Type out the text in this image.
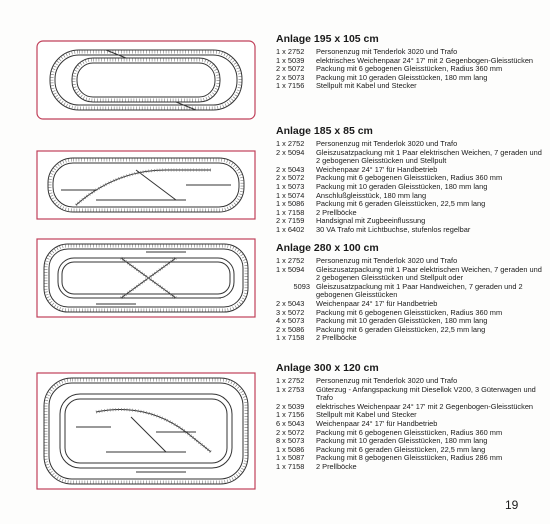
Anlage 195 x 105 cm
1 x 2752	Personenzug mit Tenderlok 3020 und Trafo
1 x 5039	elektrisches Weichenpaar 24° 17' mit 2 Gegenbogen-Gleisstücken
2 x 5072	Packung mit 6 gebogenen Gleisstücken, Radius 360 mm
2 x 5073	Packung mit 10 geraden Gleisstücken, 180 mm lang
1 x 7156	Stellpult mit Kabel und Stecker
Anlage 185 x 85 cm
1 x 2752	Personenzug mit Tenderlok 3020 und Trafo
2 x 5094	Gleiszusatzpackung mit 1 Paar elektrischen Weichen, 7 geraden und 2 gebogenen Gleisstücken und Stellpult
2 x 5043	Weichenpaar 24° 17' für Handbetrieb
2 x 5072	Packung mit 6 gebogenen Gleisstücken, Radius 360 mm
1 x 5073	Packung mit 10 geraden Gleisstücken, 180 mm lang
1 x 5074	Anschlußgleisstück, 180 mm lang
1 x 5086	Packung mit 6 geraden Gleisstücken, 22,5 mm lang
1 x 7158	2 Prellböcke
2 x 7159	Handsignal mit Zugbeeinflussung
1 x 6402	30 VA Trafo mit Lichtbuchse, stufenlos regelbar
Anlage 280 x 100 cm
1 x 2752	Personenzug mit Tenderlok 3020 und Trafo
1 x 5094	Gleiszusatzpackung mit 1 Paar elektrischen Weichen, 7 geraden und 2 gebogenen Gleisstücken und Stellpult oder
5093 Gleiszusatzpackung mit 1 Paar Handweichen, 7 geraden und 2 gebogenen Gleisstücken
2 x 5043	Weichenpaar 24° 17' für Handbetrieb
3 x 5072	Packung mit 6 gebogenen Gleisstücken, Radius 360 mm
4 x 5073	Packung mit 10 geraden Gleisstücken, 180 mm lang
2 x 5086	Packung mit 6 geraden Gleisstücken, 22,5 mm lang
1 x 7158	2 Prellböcke
Anlage 300 x 120 cm
1 x 2752	Personenzug mit Tenderlok 3020 und Trafo
1 x 2753	Güterzug - Anfangspackung mit Diesellok V200, 3 Güterwagen und Trafo
2 x 5039	elektrisches Weichenpaar 24° 17' mit 2 Gegenbogen-Gleisstücken
1 x 7156	Stellpult mit Kabel und Stecker
6 x 5043	Weichenpaar 24° 17' für Handbetrieb
2 x 5072	Packung mit 6 gebogenen Gleisstücken, Radius 360 mm
8 x 5073	Packung mit 10 geraden Gleisstücken, 180 mm lang
1 x 5086	Packung mit 6 geraden Gleisstücken, 22,5 mm lang
1 x 5087	Packung mit 8 gebogenen Gleisstücken, Radius 286 mm
1 x 7158	2 Prellböcke
19
